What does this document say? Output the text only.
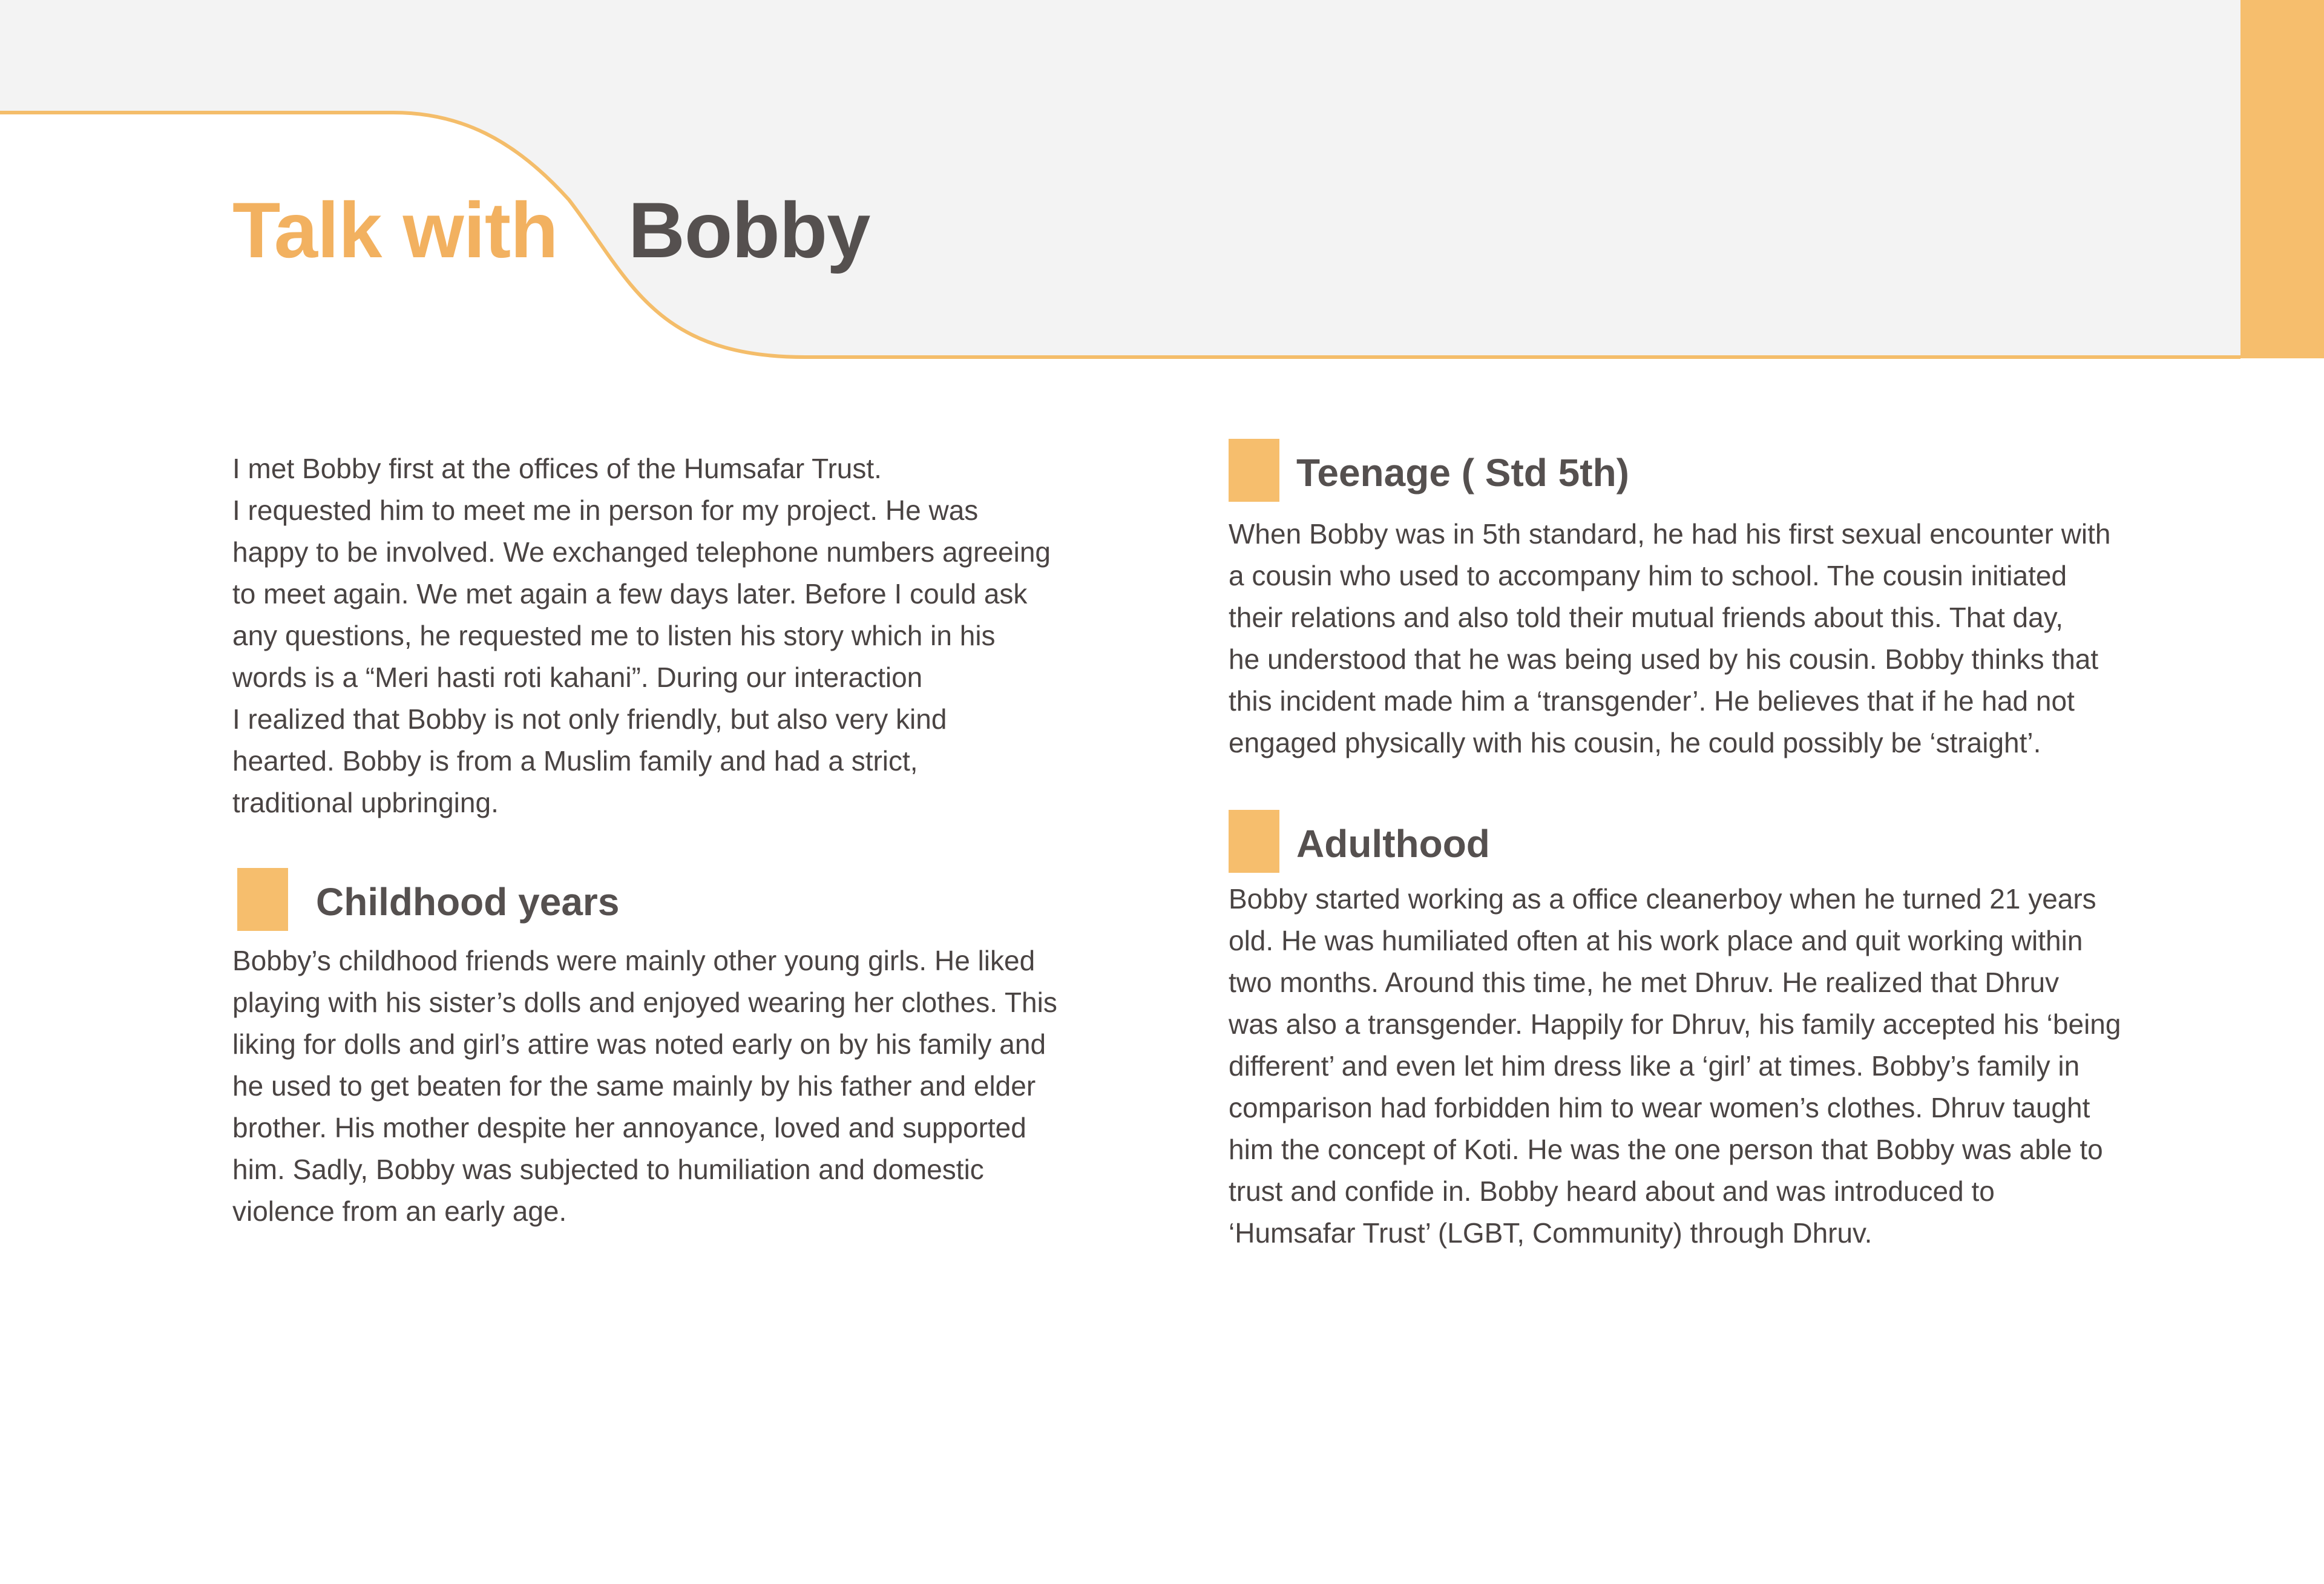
Talk with Bobby

I met Bobby first at the offices of the Humsafar Trust.
I requested him to meet me in person for my project. He was
happy to be involved. We exchanged telephone numbers agreeing
to meet again. We met again a few days later. Before I could ask
any questions, he requested me to listen his story which in his
words is a “Meri hasti roti kahani”. During our interaction
I realized that Bobby is not only friendly, but also very kind
hearted. Bobby is from a Muslim family and had a strict,
traditional upbringing.

Childhood years

Bobby’s childhood friends were mainly other young girls. He liked
playing with his sister’s dolls and enjoyed wearing her clothes. This
liking for dolls and girl’s attire was noted early on by his family and
he used to get beaten for the same mainly by his father and elder
brother. His mother despite her annoyance, loved and supported
him. Sadly, Bobby was subjected to humiliation and domestic
violence from an early age.

Teenage ( Std 5th)

When Bobby was in 5th standard, he had his first sexual encounter with
a cousin who used to accompany him to school. The cousin initiated
their relations and also told their mutual friends about this. That day,
he understood that he was being used by his cousin. Bobby thinks that
this incident made him a ‘transgender’. He believes that if he had not
engaged physically with his cousin, he could possibly be ‘straight’.

Adulthood

Bobby started working as a office cleanerboy when he turned 21 years
old. He was humiliated often at his work place and quit working within
two months. Around this time, he met Dhruv. He realized that Dhruv
was also a transgender. Happily for Dhruv, his family accepted his ‘being
different’ and even let him dress like a ‘girl’ at times. Bobby’s family in
comparison had forbidden him to wear women’s clothes. Dhruv taught
him the concept of Koti. He was the one person that Bobby was able to
trust and confide in. Bobby heard about and was introduced to
‘Humsafar Trust’ (LGBT, Community) through Dhruv.
